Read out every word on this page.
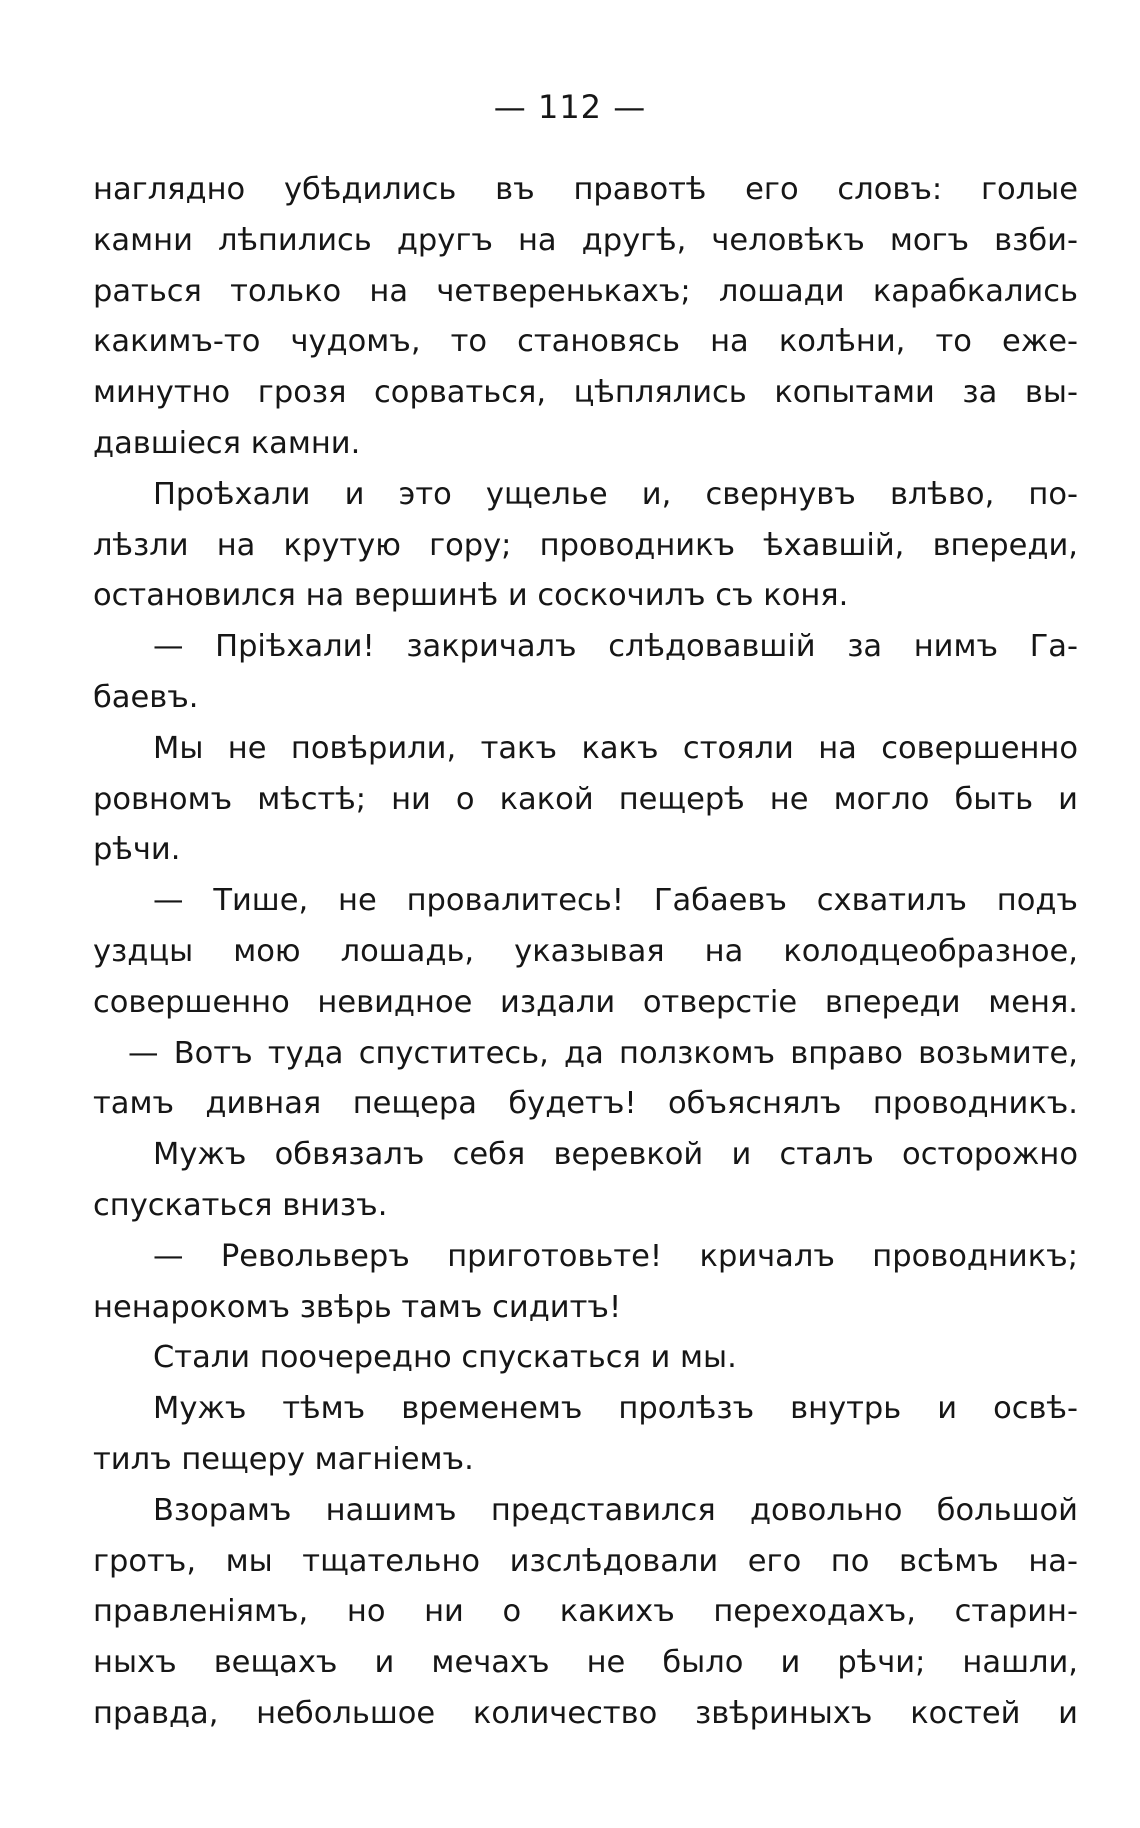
— 112 —
наглядно убѣдились въ правотѣ его словъ: голые
камни лѣпились другъ на другѣ, человѣкъ могъ взби-
раться только на четверенькахъ; лошади карабкались
какимъ-то чудомъ, то становясь на колѣни, то еже-
минутно грозя сорваться, цѣплялись копытами за вы-
давшіеся камни.
Проѣхали и это ущелье и, свернувъ влѣво, по-
лѣзли на крутую гору; проводникъ ѣхавшій, впереди,
остановился на вершинѣ и соскочилъ съ коня.
— Пріѣхали! закричалъ слѣдовавшій за нимъ Га-
баевъ.
Мы не повѣрили, такъ какъ стояли на совершенно
ровномъ мѣстѣ; ни о какой пещерѣ не могло быть и
рѣчи.
— Тише, не провалитесь! Габаевъ схватилъ подъ
уздцы мою лошадь, указывая на колодцеобразное,
совершенно невидное издали отверстіе впереди меня.
— Вотъ туда спуститесь, да ползкомъ вправо возьмите,
тамъ дивная пещера будетъ! объяснялъ проводникъ.
Мужъ обвязалъ себя веревкой и сталъ осторожно
спускаться внизъ.
— Револьверъ приготовьте! кричалъ проводникъ;
ненарокомъ звѣрь тамъ сидитъ!
Стали поочередно спускаться и мы.
Мужъ тѣмъ временемъ пролѣзъ внутрь и освѣ-
тилъ пещеру магніемъ.
Взорамъ нашимъ представился довольно большой
гротъ, мы тщательно изслѣдовали его по всѣмъ на-
правленіямъ, но ни о какихъ переходахъ, старин-
ныхъ вещахъ и мечахъ не было и рѣчи; нашли,
правда, небольшое количество звѣриныхъ костей и
